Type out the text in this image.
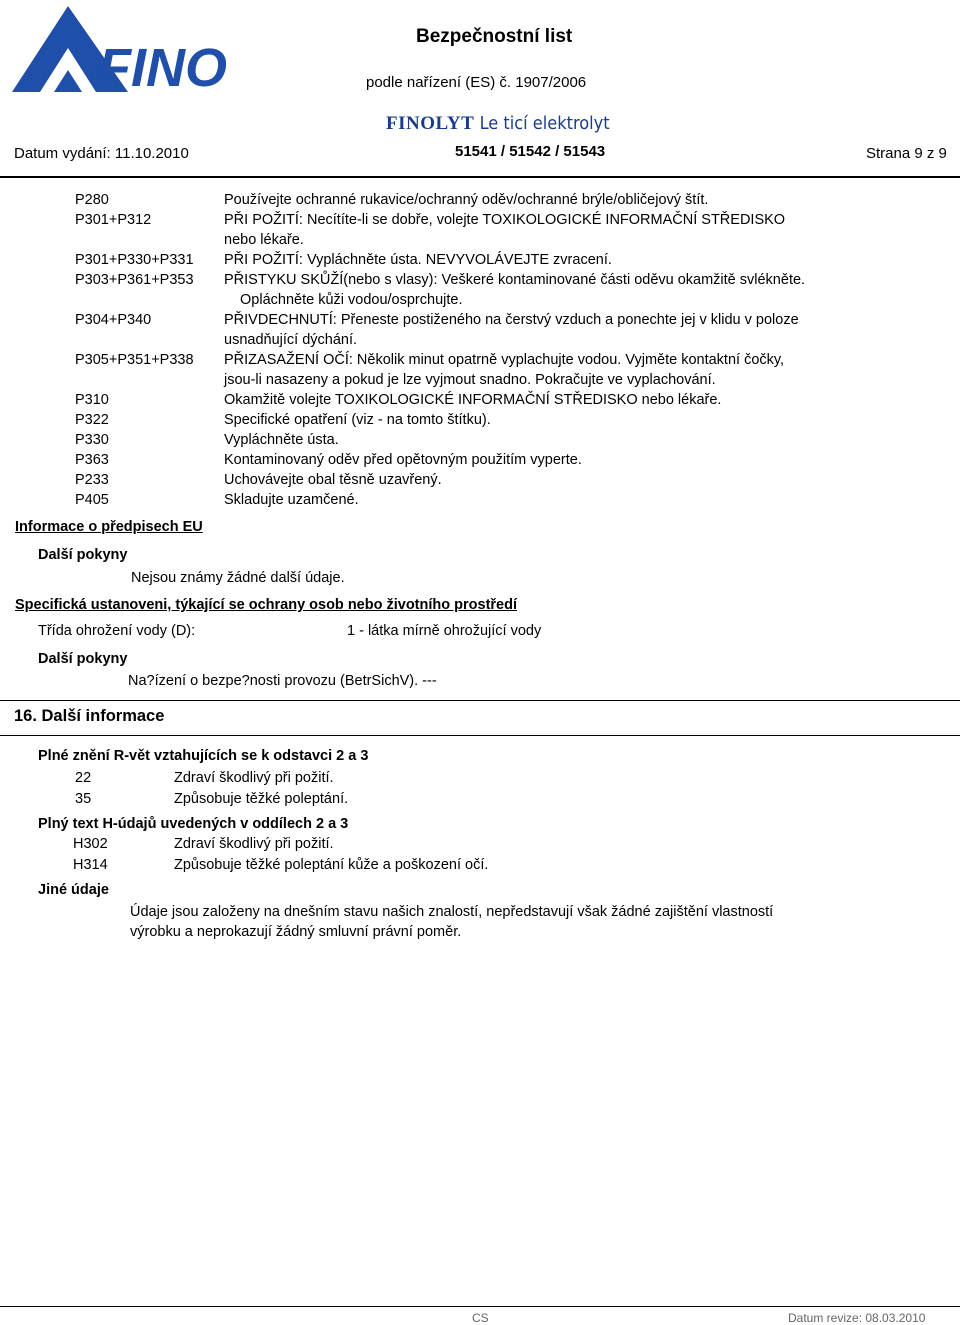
FINO
Bezpečnostní list
podle nařízení (ES) č. 1907/2006
FINOLYT Le ticí elektrolyt
Datum vydání: 11.10.2010	51541 / 51542 / 51543	Strana 9 z 9
P280	Používejte ochranné rukavice/ochranný oděv/ochranné brýle/obličejový štít.
P301+P312	PŘI POŽITÍ: Necítíte-li se dobře, volejte TOXIKOLOGICKÉ INFORMAČNÍ STŘEDISKO
nebo lékaře.
P301+P330+P331 PŘI POŽITÍ: Vypláchněte ústa. NEVYVOLÁVEJTE zvracení.
P303+P361+P353 PŘISTYKU SKŮŽÍ(nebo s vlasy): Veškeré kontaminované části oděvu okamžitě svlékněte.
Opláchněte kůži vodou/osprchujte.
P304+P340	PŘIVDECHNUTÍ: Přeneste postiženého na čerstvý vzduch a ponechte jej v klidu v poloze
usnadňující dýchání.
P305+P351+P338 PŘIZASAŽENÍ OČÍ: Několik minut opatrně vyplachujte vodou. Vyjměte kontaktní čočky,
jsou-li nasazeny a pokud je lze vyjmout snadno. Pokračujte ve vyplachování.
P310	Okamžitě volejte TOXIKOLOGICKÉ INFORMAČNÍ STŘEDISKO nebo lékaře.
P322	Specifické opatření (viz - na tomto štítku).
P330	Vypláchněte ústa.
P363	Kontaminovaný oděv před opětovným použitím vyperte.
P233	Uchovávejte obal těsně uzavřený.
P405	Skladujte uzamčené.
Informace o předpisech EU
Další pokyny
Nejsou známy žádné další údaje.
Specifická ustanoveni, týkající se ochrany osob nebo životního prostředí
Třída ohrožení vody (D):	1 - látka mírně ohrožující vody
Další pokyny
Na?ízení o bezpe?nosti provozu (BetrSichV). ---
16. Další informace
Plné znění R-vět vztahujících se k odstavci 2 a 3
22	Zdraví škodlivý při požití.
35	Způsobuje těžké poleptání.
Plný text H-údajů uvedených v oddílech 2 a 3
H302	Zdraví škodlivý při požití.
H314	Způsobuje těžké poleptání kůže a poškození očí.
Jiné údaje
Údaje jsou založeny na dnešním stavu našich znalostí, nepředstavují však žádné zajištění vlastností
výrobku a neprokazují žádný smluvní právní poměr.
CS	Datum revize: 08.03.2010
